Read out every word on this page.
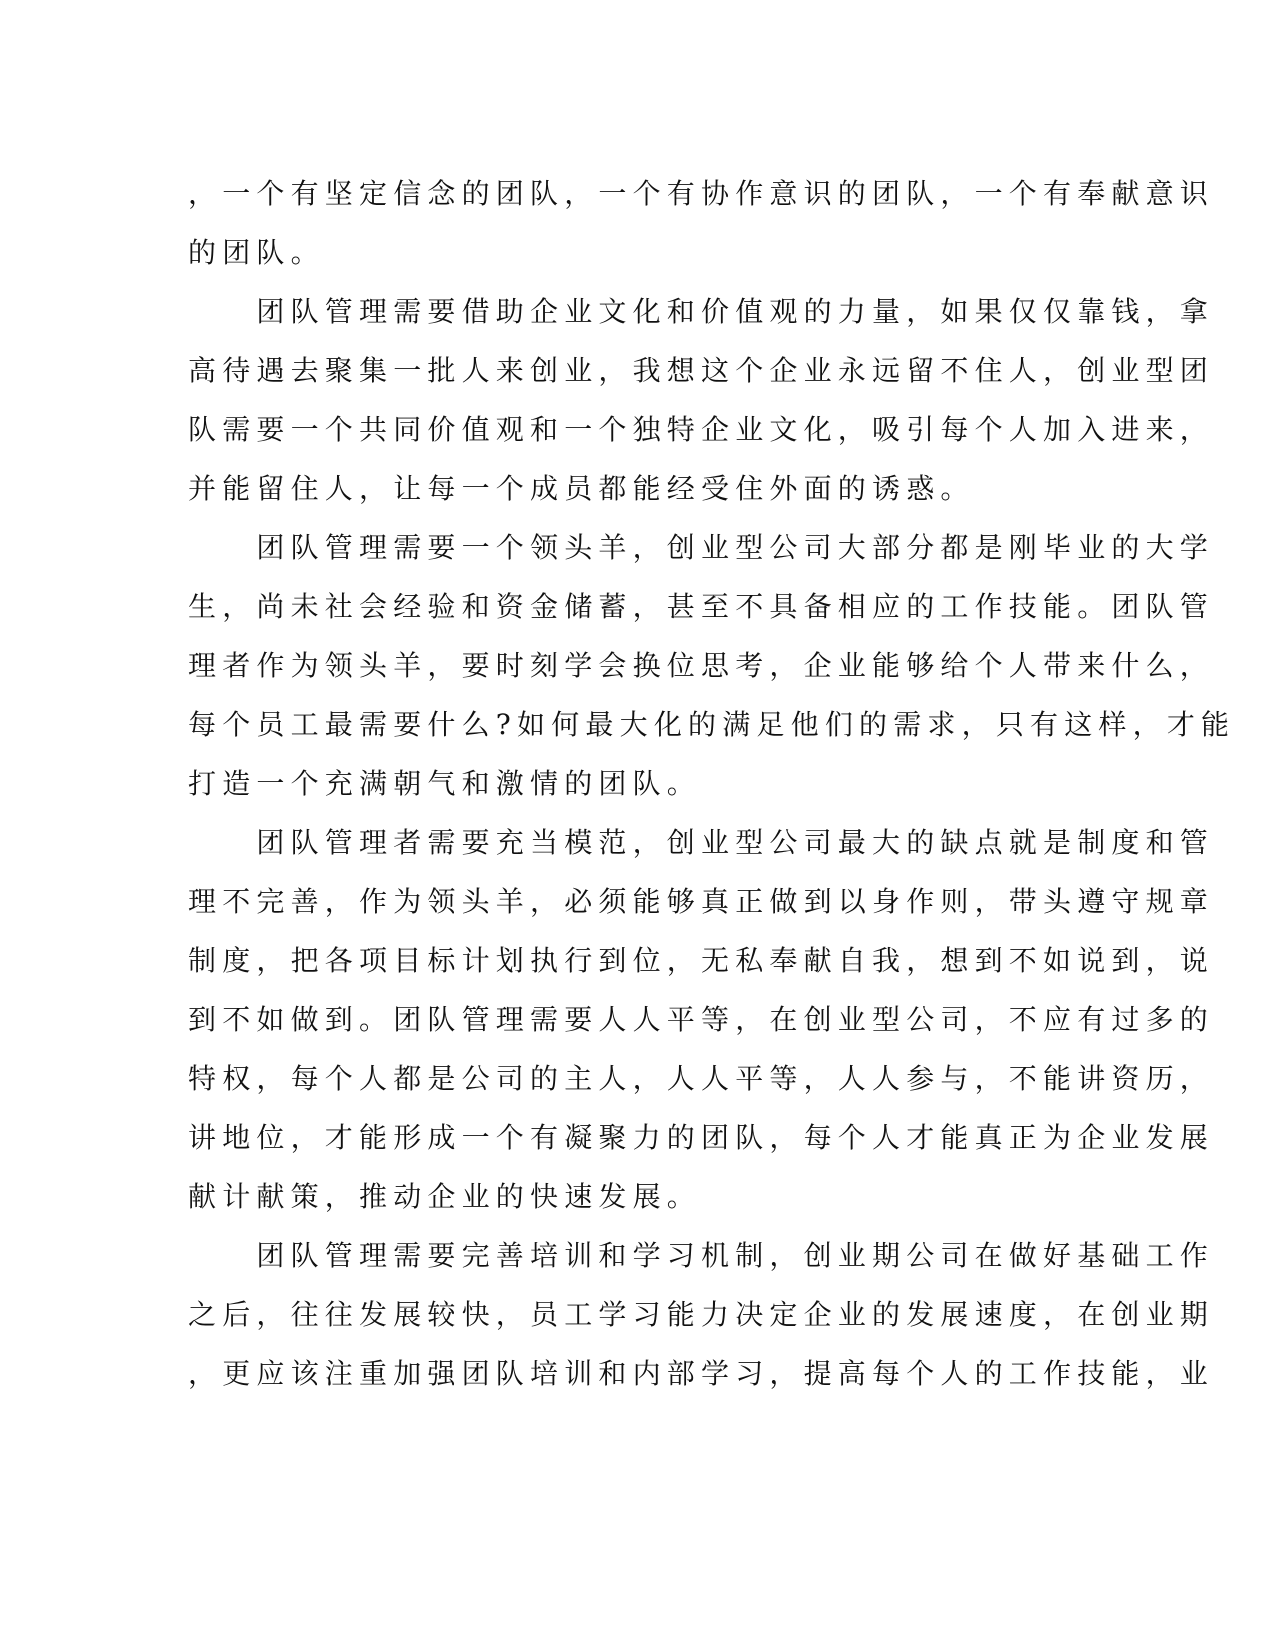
，一个有坚定信念的团队，一个有协作意识的团队，一个有奉献意识
的团队。
　　团队管理需要借助企业文化和价值观的力量，如果仅仅靠钱，拿
高待遇去聚集一批人来创业，我想这个企业永远留不住人，创业型团
队需要一个共同价值观和一个独特企业文化，吸引每个人加入进来，
并能留住人，让每一个成员都能经受住外面的诱惑。
　　团队管理需要一个领头羊，创业型公司大部分都是刚毕业的大学
生，尚未社会经验和资金储蓄，甚至不具备相应的工作技能。团队管
理者作为领头羊，要时刻学会换位思考，企业能够给个人带来什么，
每个员工最需要什么?如何最大化的满足他们的需求，只有这样，才能
打造一个充满朝气和激情的团队。
　　团队管理者需要充当模范，创业型公司最大的缺点就是制度和管
理不完善，作为领头羊，必须能够真正做到以身作则，带头遵守规章
制度，把各项目标计划执行到位，无私奉献自我，想到不如说到，说
到不如做到。团队管理需要人人平等，在创业型公司，不应有过多的
特权，每个人都是公司的主人，人人平等，人人参与，不能讲资历，
讲地位，才能形成一个有凝聚力的团队，每个人才能真正为企业发展
献计献策，推动企业的快速发展。
　　团队管理需要完善培训和学习机制，创业期公司在做好基础工作
之后，往往发展较快，员工学习能力决定企业的发展速度，在创业期
，更应该注重加强团队培训和内部学习，提高每个人的工作技能，业
